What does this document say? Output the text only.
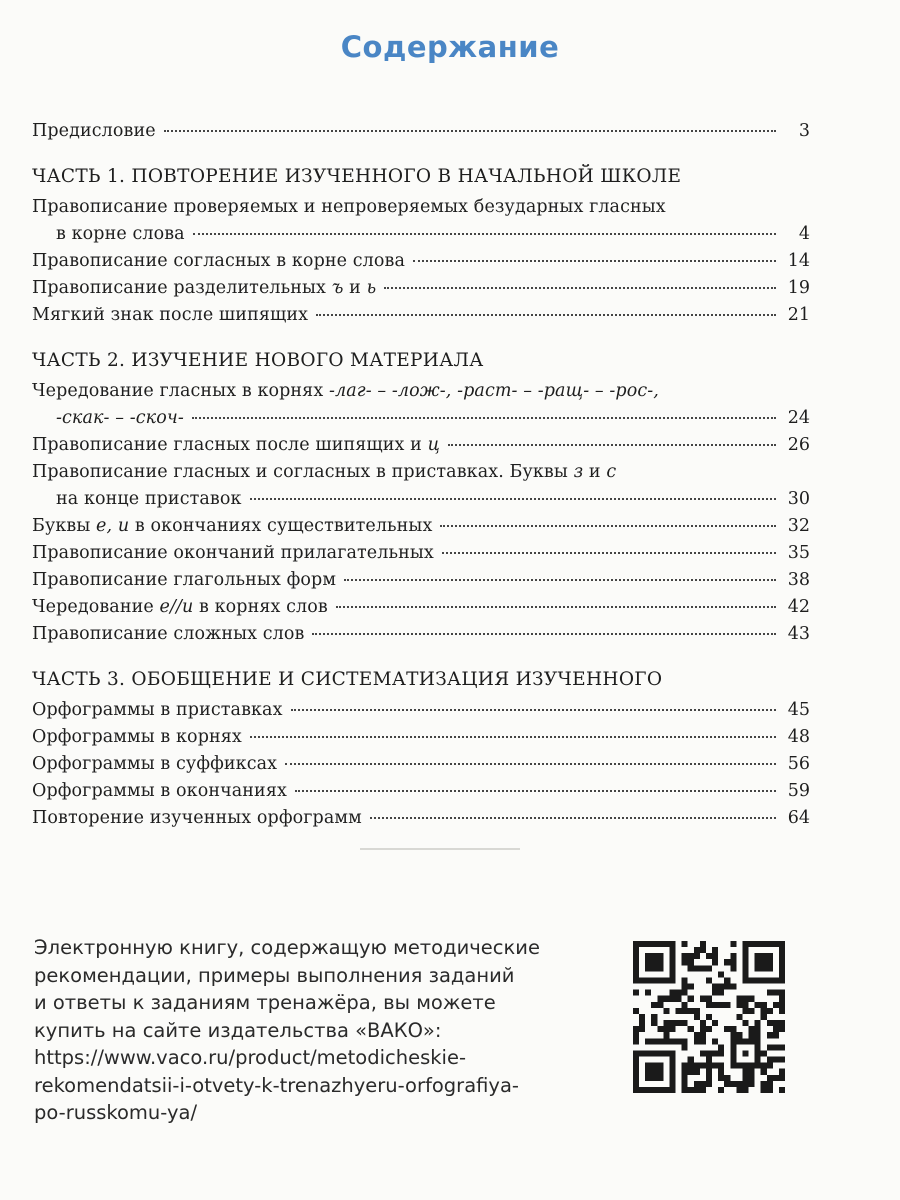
Содержание
Предисловие	3
ЧАСТЬ 1. ПОВТОРЕНИЕ ИЗУЧЕННОГО В НАЧАЛЬНОЙ ШКОЛЕ
Правописание проверяемых и непроверяемых безударных гласных
в корне слова	4
Правописание согласных в корне слова	14
Правописание разделительных ъ и ь	19
Мягкий знак после шипящих	21
ЧАСТЬ 2. ИЗУЧЕНИЕ НОВОГО МАТЕРИАЛА
Чередование гласных в корнях -лаг- – -лож-, -раст- – -ращ- – -рос-,
-скак- – -скоч-	24
Правописание гласных после шипящих и ц	26
Правописание гласных и согласных в приставках. Буквы з и с
на конце приставок	30
Буквы е, и в окончаниях существительных	32
Правописание окончаний прилагательных	35
Правописание глагольных форм	38
Чередование е//и в корнях слов	42
Правописание сложных слов	43
ЧАСТЬ 3. ОБОБЩЕНИЕ И СИСТЕМАТИЗАЦИЯ ИЗУЧЕННОГО
Орфограммы в приставках	45
Орфограммы в корнях	48
Орфограммы в суффиксах	56
Орфограммы в окончаниях	59
Повторение изученных орфограмм	64
Электронную книгу, содержащую методические
рекомендации, примеры выполнения заданий
и ответы к заданиям тренажёра, вы можете
купить на сайте издательства «ВАКО»:
https://www.vaco.ru/product/metodicheskie-
rekomendatsii-i-otvety-k-trenazhyeru-orfografiya-
po-russkomu-ya/
